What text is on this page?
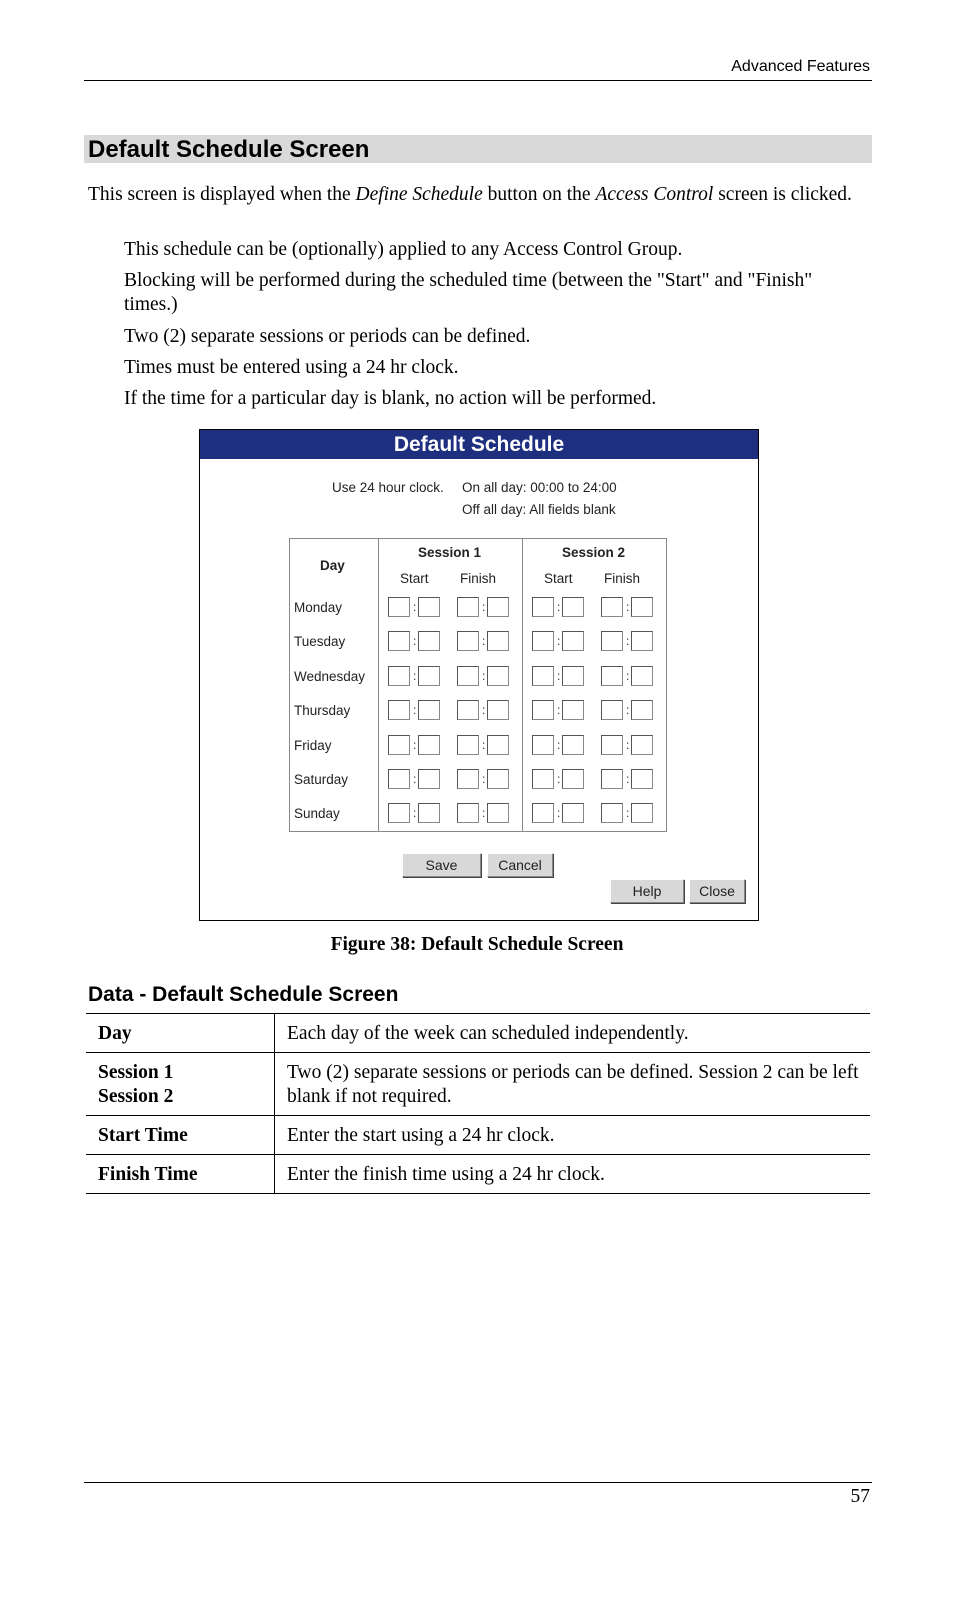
Advanced Features
Default Schedule Screen
This screen is displayed when the Define Schedule button on the Access Control screen is clicked.
This schedule can be (optionally) applied to any Access Control Group.
Blocking will be performed during the scheduled time (between the "Start" and "Finish" times.)
Two (2) separate sessions or periods can be defined.
Times must be entered using a 24 hr clock.
If the time for a particular day is blank, no action will be performed.
Default Schedule
Use 24 hour clock. On all day: 00:00 to 24:00
Off all day: All fields blank
Day
Session 1	Session 2
Start Finish	Start Finish
Monday	:	:	:	:
Tuesday	:	:	:	:
Wednesday	:	:	:	:
Thursday	:	:	:	:
Friday	:	:	:	:
Saturday	:	:	:	:
Sunday	:	:	:	:
Save	Cancel
Help	Close
Figure 38: Default Schedule Screen
Data - Default Schedule Screen
Day	Each day of the week can scheduled independently.
Session 1
Session 2	Two (2) separate sessions or periods can be defined. Session 2 can be left blank if not required.
Start Time	Enter the start using a 24 hr clock.
Finish Time	Enter the finish time using a 24 hr clock.
57
